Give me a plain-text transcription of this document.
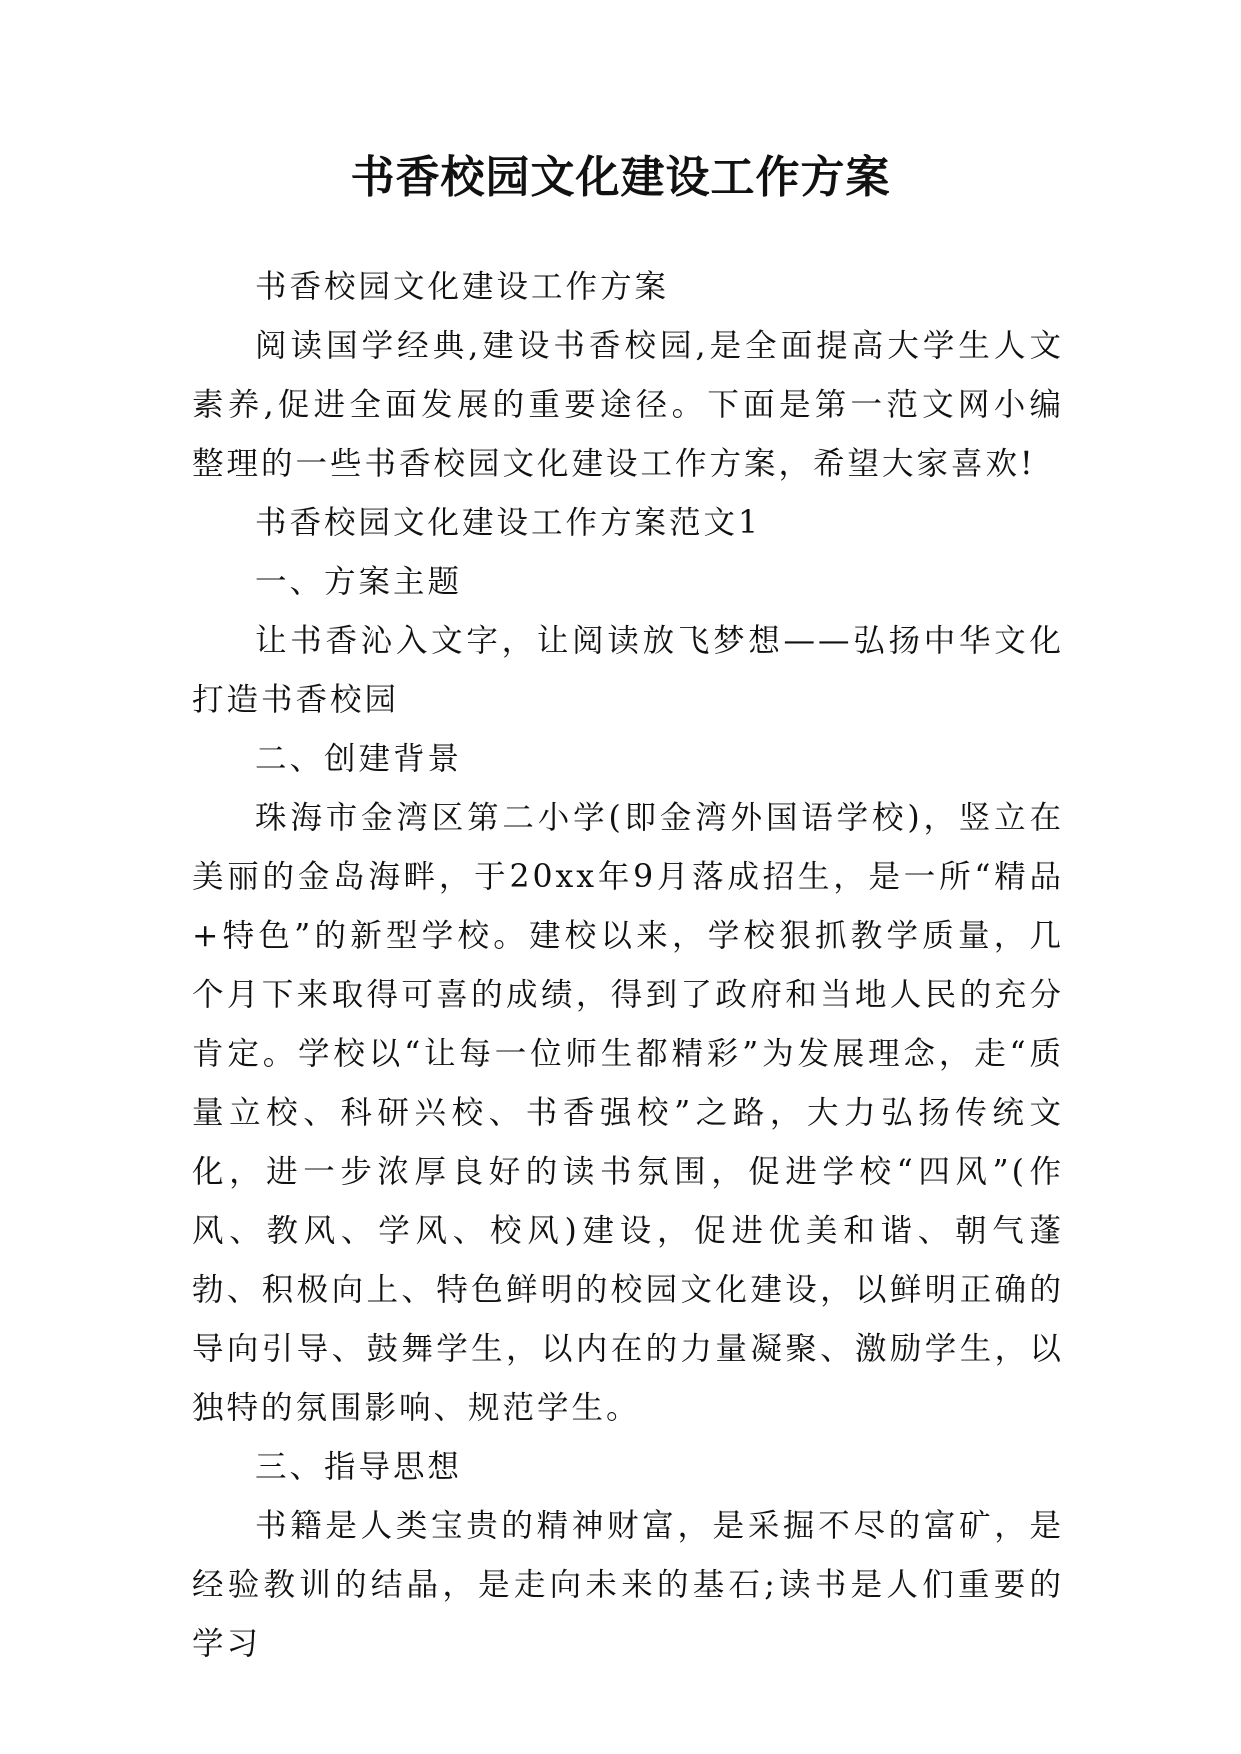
书香校园文化建设工作方案

书香校园文化建设工作方案

阅读国学经典,建设书香校园,是全面提高大学生人文素养,促进全面发展的重要途径。下面是第一范文网小编整理的一些书香校园文化建设工作方案，希望大家喜欢!

书香校园文化建设工作方案范文1

一、方案主题

让书香沁入文字，让阅读放飞梦想——弘扬中华文化打造书香校园

二、创建背景

珠海市金湾区第二小学(即金湾外国语学校)，竖立在美丽的金岛海畔，于20xx年9月落成招生，是一所“精品+特色”的新型学校。建校以来，学校狠抓教学质量，几个月下来取得可喜的成绩，得到了政府和当地人民的充分肯定。学校以“让每一位师生都精彩”为发展理念，走“质量立校、科研兴校、书香强校”之路，大力弘扬传统文化，进一步浓厚良好的读书氛围，促进学校“四风”(作风、教风、学风、校风)建设，促进优美和谐、朝气蓬勃、积极向上、特色鲜明的校园文化建设，以鲜明正确的导向引导、鼓舞学生，以内在的力量凝聚、激励学生，以独特的氛围影响、规范学生。

三、指导思想

书籍是人类宝贵的精神财富，是采掘不尽的富矿，是经验教训的结晶，是走向未来的基石;读书是人们重要的学习
